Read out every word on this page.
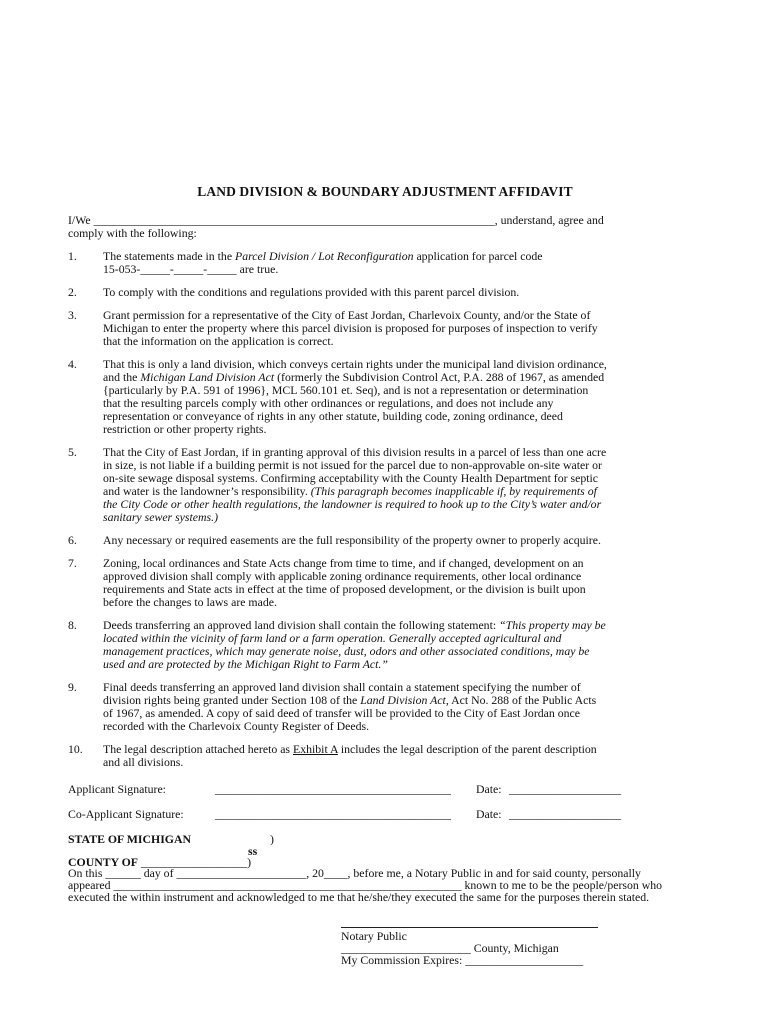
LAND DIVISION & BOUNDARY ADJUSTMENT AFFIDAVIT
I/We ____________________________________________________________________, understand, agree and
comply with the following:
1.	The statements made in the Parcel Division / Lot Reconfiguration application for parcel code
15-053-_____-_____-_____ are true.
2.	To comply with the conditions and regulations provided with this parent parcel division.
3.	Grant permission for a representative of the City of East Jordan, Charlevoix County, and/or the State of
Michigan to enter the property where this parcel division is proposed for purposes of inspection to verify
that the information on the application is correct.
4.	That this is only a land division, which conveys certain rights under the municipal land division ordinance,
and the Michigan Land Division Act (formerly the Subdivision Control Act, P.A. 288 of 1967, as amended
{particularly by P.A. 591 of 1996}, MCL 560.101 et. Seq), and is not a representation or determination
that the resulting parcels comply with other ordinances or regulations, and does not include any
representation or conveyance of rights in any other statute, building code, zoning ordinance, deed
restriction or other property rights.
5.	That the City of East Jordan, if in granting approval of this division results in a parcel of less than one acre
in size, is not liable if a building permit is not issued for the parcel due to non-approvable on-site water or
on-site sewage disposal systems. Confirming acceptability with the County Health Department for septic
and water is the landowner’s responsibility. (This paragraph becomes inapplicable if, by requirements of
the City Code or other health regulations, the landowner is required to hook up to the City’s water and/or
sanitary sewer systems.)
6.	Any necessary or required easements are the full responsibility of the property owner to properly acquire.
7.	Zoning, local ordinances and State Acts change from time to time, and if changed, development on an
approved division shall comply with applicable zoning ordinance requirements, other local ordinance
requirements and State acts in effect at the time of proposed development, or the division is built upon
before the changes to laws are made.
8.	Deeds transferring an approved land division shall contain the following statement: “This property may be
located within the vicinity of farm land or a farm operation. Generally accepted agricultural and
management practices, which may generate noise, dust, odors and other associated conditions, may be
used and are protected by the Michigan Right to Farm Act.”
9.	Final deeds transferring an approved land division shall contain a statement specifying the number of
division rights being granted under Section 108 of the Land Division Act, Act No. 288 of the Public Acts
of 1967, as amended. A copy of said deed of transfer will be provided to the City of East Jordan once
recorded with the Charlevoix County Register of Deeds.
10.	The legal description attached hereto as Exhibit A includes the legal description of the parent description
and all divisions.
Applicant Signature:	________________________________________ Date: ___________________
Co-Applicant Signature:	________________________________________ Date: ___________________
STATE OF MICHIGAN	)
ss
COUNTY OF __________________)
On this ______ day of ______________________, 20____, before me, a Notary Public in and for said county, personally
appeared ___________________________________________________________ known to me to be the people/person who
executed the within instrument and acknowledged to me that he/she/they executed the same for the purposes therein stated.
Notary Public
______________________ County, Michigan
My Commission Expires: ____________________
